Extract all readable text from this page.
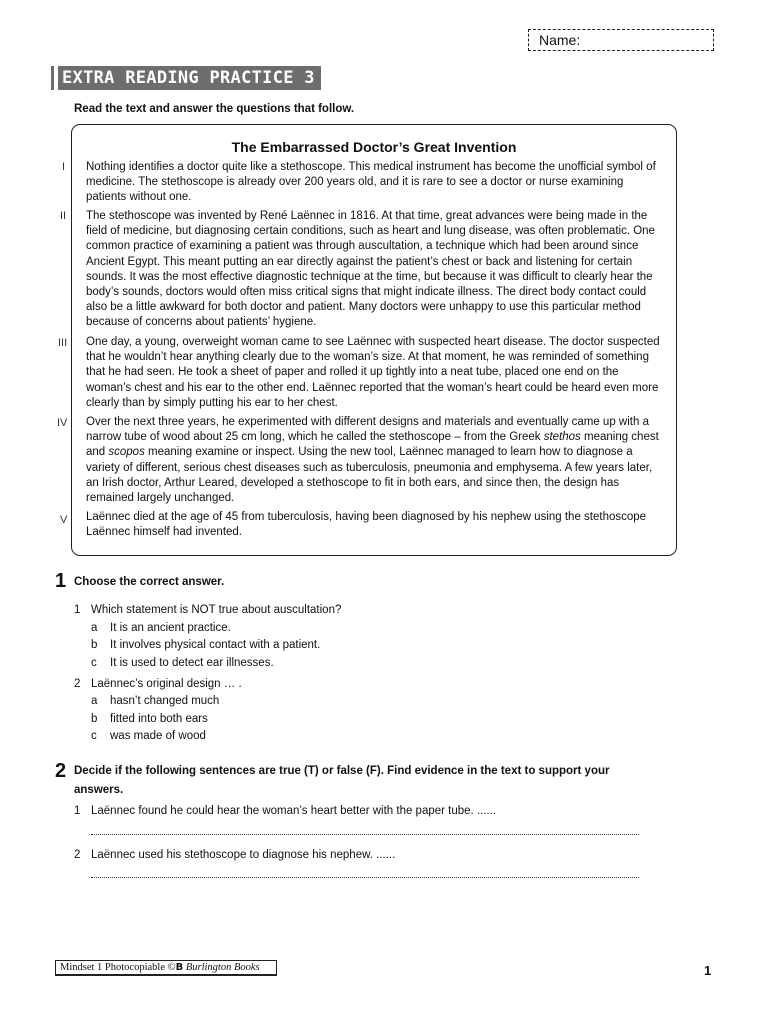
Name:
EXTRA READING PRACTICE 3
Read the text and answer the questions that follow.
The Embarrassed Doctor’s Great Invention
I Nothing identifies a doctor quite like a stethoscope. This medical instrument has become the unofficial symbol of medicine. The stethoscope is already over 200 years old, and it is rare to see a doctor or nurse examining patients without one.

II The stethoscope was invented by René Laënnec in 1816. At that time, great advances were being made in the field of medicine, but diagnosing certain conditions, such as heart and lung disease, was often problematic. One common practice of examining a patient was through auscultation, a technique which had been around since Ancient Egypt. This meant putting an ear directly against the patient’s chest or back and listening for certain sounds. It was the most effective diagnostic technique at the time, but because it was difficult to clearly hear the body’s sounds, doctors would often miss critical signs that might indicate illness. The direct body contact could also be a little awkward for both doctor and patient. Many doctors were unhappy to use this particular method because of concerns about patients’ hygiene.

III One day, a young, overweight woman came to see Laënnec with suspected heart disease. The doctor suspected that he wouldn’t hear anything clearly due to the woman’s size. At that moment, he was reminded of something that he had seen. He took a sheet of paper and rolled it up tightly into a neat tube, placed one end on the woman’s chest and his ear to the other end. Laënnec reported that the woman’s heart could be heard even more clearly than by simply putting his ear to her chest.

IV Over the next three years, he experimented with different designs and materials and eventually came up with a narrow tube of wood about 25 cm long, which he called the stethoscope – from the Greek stethos meaning chest and scopos meaning examine or inspect. Using the new tool, Laënnec managed to learn how to diagnose a variety of different, serious chest diseases such as tuberculosis, pneumonia and emphysema. A few years later, an Irish doctor, Arthur Leared, developed a stethoscope to fit in both ears, and since then, the design has remained largely unchanged.

V Laënnec died at the age of 45 from tuberculosis, having been diagnosed by his nephew using the stethoscope Laënnec himself had invented.

1 Choose the correct answer.
1 Which statement is NOT true about auscultation?
a It is an ancient practice.
b It involves physical contact with a patient.
c It is used to detect ear illnesses.
2 Laënnec’s original design … .
a hasn’t changed much
b fitted into both ears
c was made of wood
2 Decide if the following sentences are true (T) or false (F). Find evidence in the text to support your answers.
1 Laënnec found he could hear the woman’s heart better with the paper tube. ......
2 Laënnec used his stethoscope to diagnose his nephew. ......
Mindset 1 Photocopiable ©B Burlington Books	1
